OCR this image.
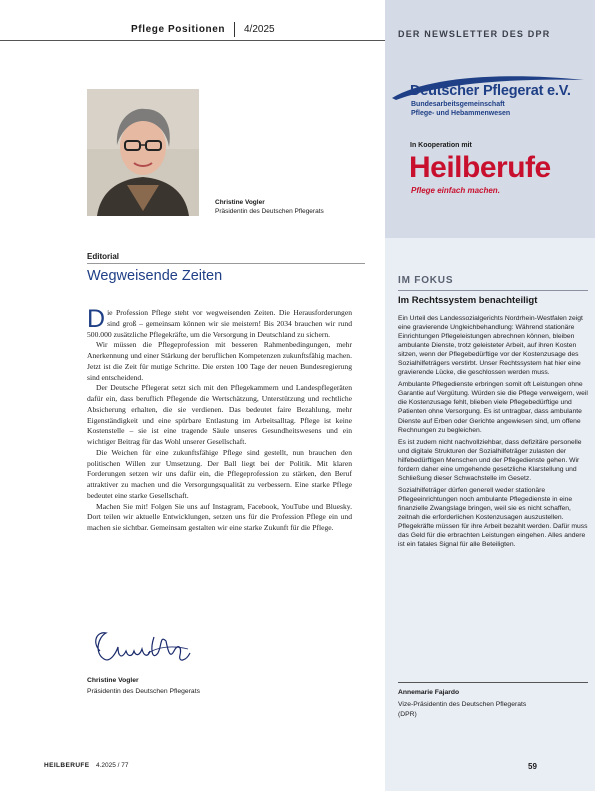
Pflege Positionen 4/2025	DER NEWSLETTER DES DPR
Deutscher Pflegerat e.V.
Bundesarbeitsgemeinschaft
Pflege- und Hebammenwesen
In Kooperation mit
Heilberufe
Pflege einfach machen.
Christine Vogler
Präsidentin des Deutschen Pflegerats
Editorial
Wegweisende Zeiten

Die Profession Pflege steht vor wegweisenden Zeiten. Die Herausforderungen sind groß – gemeinsam können wir sie meistern! Bis 2034 brauchen wir rund 500.000 zusätzliche Pflegekräfte, um die Versorgung in Deutschland zu sichern.

Wir müssen die Pflegeprofession mit besseren Rahmenbedingungen, mehr Anerkennung und einer Stärkung der beruflichen Kompetenzen zukunftsfähig machen. Jetzt ist die Zeit für mutige Schritte. Die ersten 100 Tage der neuen Bundesregierung sind entscheidend.

Der Deutsche Pflegerat setzt sich mit den Pflegekammern und Landespflegeräten dafür ein, dass beruflich Pflegende die Wertschätzung, Unterstützung und rechtliche Absicherung erhalten, die sie verdienen. Das bedeutet faire Bezahlung, mehr Eigenständigkeit und eine spürbare Entlastung im Arbeitsalltag. Pflege ist keine Kostenstelle – sie ist eine tragende Säule unseres Gesundheitswesens und ein wichtiger Beitrag für das Wohl unserer Gesellschaft.

Die Weichen für eine zukunftsfähige Pflege sind gestellt, nun brauchen den politischen Willen zur Umsetzung. Der Ball liegt bei der Politik. Mit klaren Forderungen setzen wir uns dafür ein, die Pflegeprofession zu stärken, den Beruf attraktiver zu machen und die Versorgungsqualität zu verbessern. Eine starke Pflege bedeutet eine starke Gesellschaft.

Machen Sie mit! Folgen Sie uns auf Instagram, Facebook, YouTube und Bluesky. Dort teilen wir aktuelle Entwicklungen, setzen uns für die Profession Pflege ein und machen sie sichtbar. Gemeinsam gestalten wir eine starke Zukunft für die Pflege.

Christine Vogler
Präsidentin des Deutschen Pflegerats
IM FOKUS
Im Rechtssystem benachteiligt

Ein Urteil des Landessozialgerichts Nordrhein-Westfalen zeigt eine gravierende Ungleichbehandlung: Während stationäre Einrichtungen Pflegeleistungen abrechnen können, bleiben ambulante Dienste, trotz geleisteter Arbeit, auf ihren Kosten sitzen, wenn der Pflegebedürftige vor der Kostenzusage des Sozialhilfeträgers verstirbt. Unser Rechtssystem hat hier eine gravierende Lücke, die geschlossen werden muss.

Ambulante Pflegedienste erbringen somit oft Leistungen ohne Garantie auf Vergütung. Würden sie die Pflege verweigern, weil die Kostenzusage fehlt, blieben viele Pflegebedürftige und Patienten ohne Versorgung. Es ist untragbar, dass ambulante Dienste auf Erben oder Gerichte angewiesen sind, um offene Rechnungen zu begleichen.

Es ist zudem nicht nachvollziehbar, dass defizitäre personelle und digitale Strukturen der Sozialhilfeträger zulasten der hilfebedürftigen Menschen und der Pflegedienste gehen. Wir fordern daher eine umgehende gesetzliche Klarstellung und Schließung dieser Schwachstelle im Gesetz.

Sozialhilfeträger dürfen generell weder stationäre Pflegeeinrichtungen noch ambulante Pflegedienste in eine finanzielle Zwangslage bringen, weil sie es nicht schaffen, zeitnah die erforderlichen Kostenzusagen auszustellen. Pflegekräfte müssen für ihre Arbeit bezahlt werden. Dafür muss das Geld für die erbrachten Leistungen eingehen. Alles andere ist ein fatales Signal für alle Beteiligten.

Annemarie Fajardo
Vize-Präsidentin des Deutschen Pflegerats
(DPR)
HEILBERUFE 4.2025 / 77	59
